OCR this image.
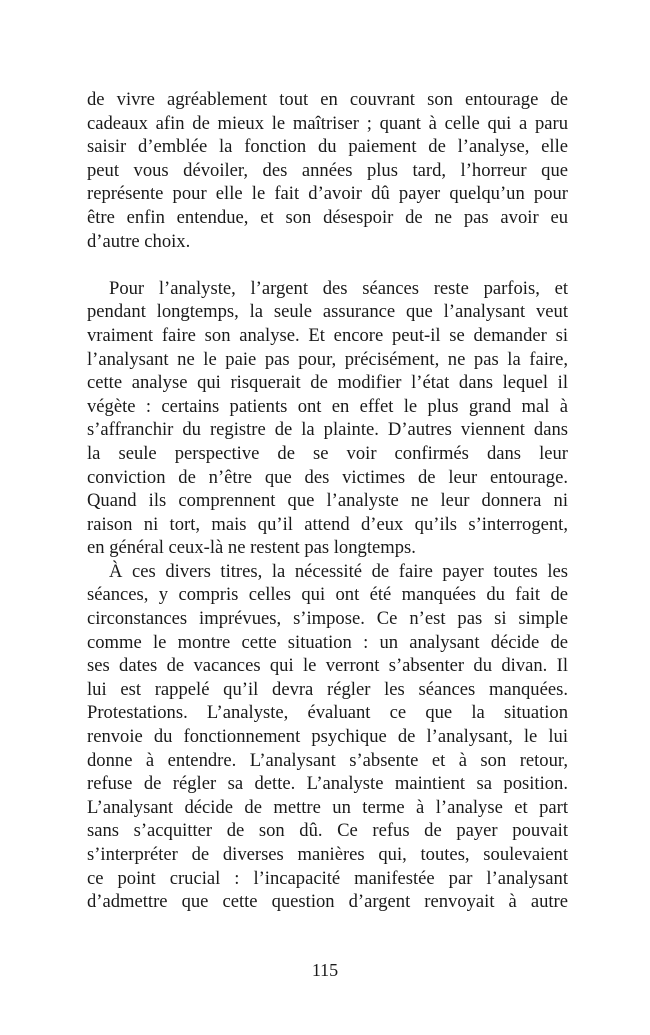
de vivre agréablement tout en couvrant son entourage de
cadeaux afin de mieux le maîtriser ; quant à celle qui a paru
saisir d’emblée la fonction du paiement de l’analyse, elle
peut vous dévoiler, des années plus tard, l’horreur que
représente pour elle le fait d’avoir dû payer quelqu’un pour
être enfin entendue, et son désespoir de ne pas avoir eu
d’autre choix.
Pour l’analyste, l’argent des séances reste parfois, et
pendant longtemps, la seule assurance que l’analysant veut
vraiment faire son analyse. Et encore peut-il se demander si
l’analysant ne le paie pas pour, précisément, ne pas la faire,
cette analyse qui risquerait de modifier l’état dans lequel il
végète : certains patients ont en effet le plus grand mal à
s’affranchir du registre de la plainte. D’autres viennent dans
la seule perspective de se voir confirmés dans leur
conviction de n’être que des victimes de leur entourage.
Quand ils comprennent que l’analyste ne leur donnera ni
raison ni tort, mais qu’il attend d’eux qu’ils s’interrogent,
en général ceux-là ne restent pas longtemps.
À ces divers titres, la nécessité de faire payer toutes les
séances, y compris celles qui ont été manquées du fait de
circonstances imprévues, s’impose. Ce n’est pas si simple
comme le montre cette situation : un analysant décide de
ses dates de vacances qui le verront s’absenter du divan. Il
lui est rappelé qu’il devra régler les séances manquées.
Protestations. L’analyste, évaluant ce que la situation
renvoie du fonctionnement psychique de l’analysant, le lui
donne à entendre. L’analysant s’absente et à son retour,
refuse de régler sa dette. L’analyste maintient sa position.
L’analysant décide de mettre un terme à l’analyse et part
sans s’acquitter de son dû. Ce refus de payer pouvait
s’interpréter de diverses manières qui, toutes, soulevaient
ce point crucial : l’incapacité manifestée par l’analysant
d’admettre que cette question d’argent renvoyait à autre
115
